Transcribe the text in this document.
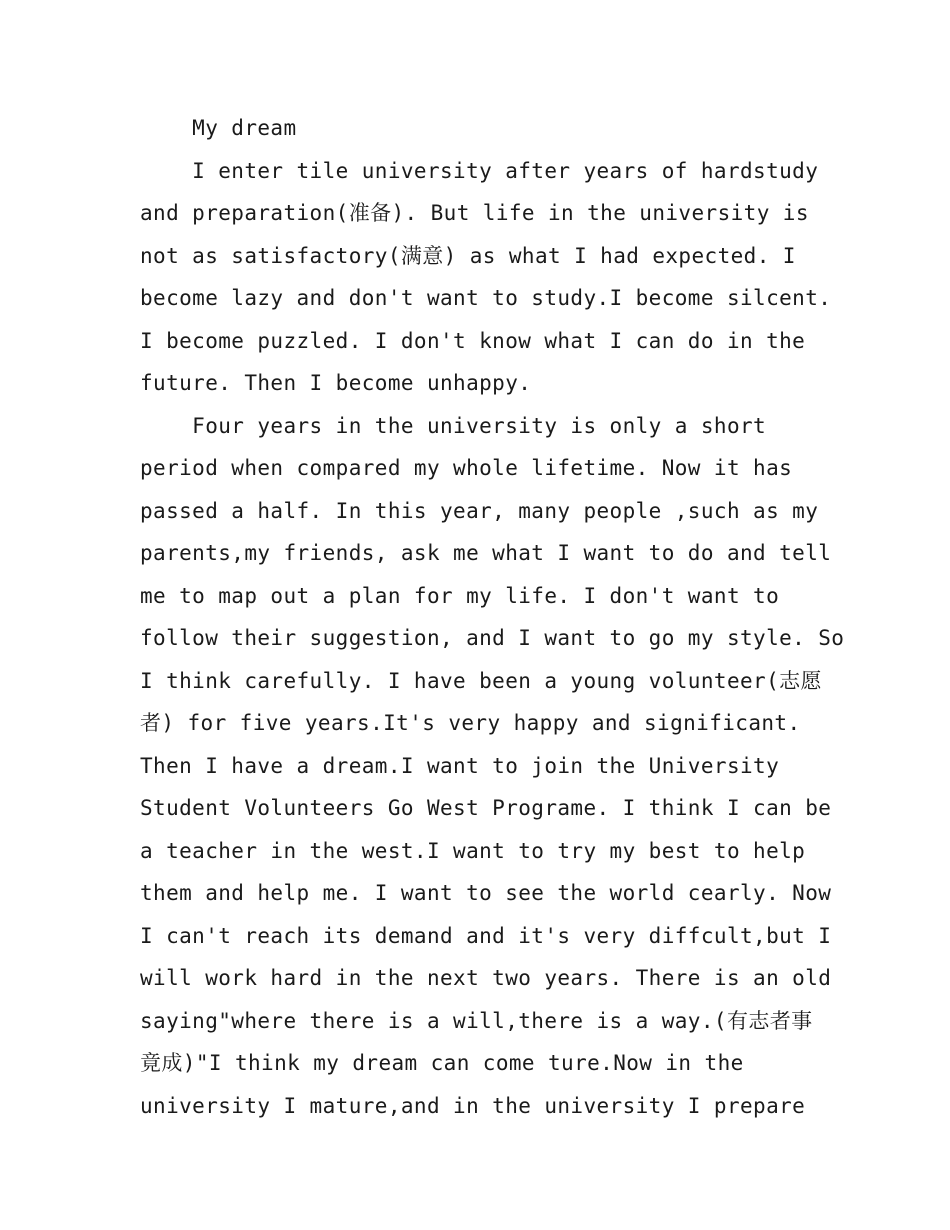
My dream
I enter tile university after years of hardstudy
and preparation(准备). But life in the university is
not as satisfactory(满意) as what I had expected. I
become lazy and don't want to study.I become silcent.
I become puzzled. I don't know what I can do in the
future. Then I become unhappy.
Four years in the university is only a short
period when compared my whole lifetime. Now it has
passed a half. In this year, many people ,such as my
parents,my friends, ask me what I want to do and tell
me to map out a plan for my life. I don't want to
follow their suggestion, and I want to go my style. So
I think carefully. I have been a young volunteer(志愿
者) for five years.It's very happy and significant.
Then I have a dream.I want to join the University
Student Volunteers Go West Programe. I think I can be
a teacher in the west.I want to try my best to help
them and help me. I want to see the world cearly. Now
I can't reach its demand and it's very diffcult,but I
will work hard in the next two years. There is an old
saying"where there is a will,there is a way.(有志者事
竟成)"I think my dream can come ture.Now in the
university I mature,and in the university I prepare
